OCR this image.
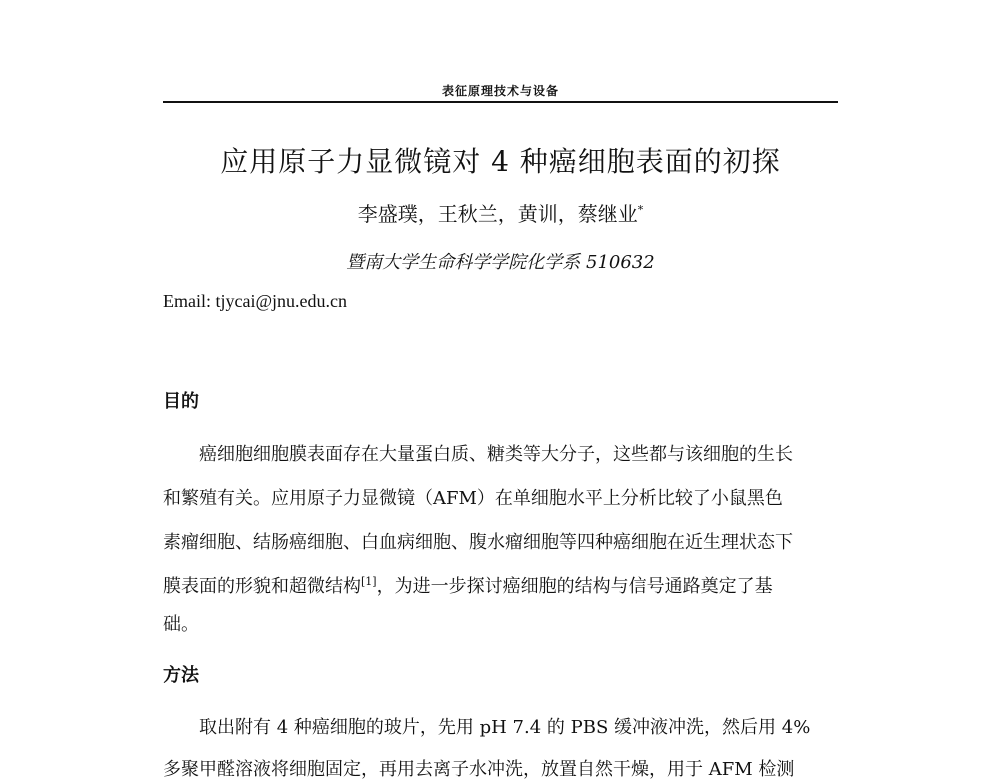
表征原理技术与设备
应用原子力显微镜对 4 种癌细胞表面的初探
李盛璞，王秋兰，黄训，蔡继业*
暨南大学生命科学学院化学系 510632
Email: tjycai@jnu.edu.cn
目的
癌细胞细胞膜表面存在大量蛋白质、糖类等大分子，这些都与该细胞的生长
和繁殖有关。应用原子力显微镜（AFM）在单细胞水平上分析比较了小鼠黑色
素瘤细胞、结肠癌细胞、白血病细胞、腹水瘤细胞等四种癌细胞在近生理状态下
膜表面的形貌和超微结构[1]，为进一步探讨癌细胞的结构与信号通路奠定了基
础。
方法
取出附有 4 种癌细胞的玻片，先用 pH 7.4 的 PBS 缓冲液冲洗，然后用 4%
多聚甲醛溶液将细胞固定，再用去离子水冲洗，放置自然干燥，用于 AFM 检测
